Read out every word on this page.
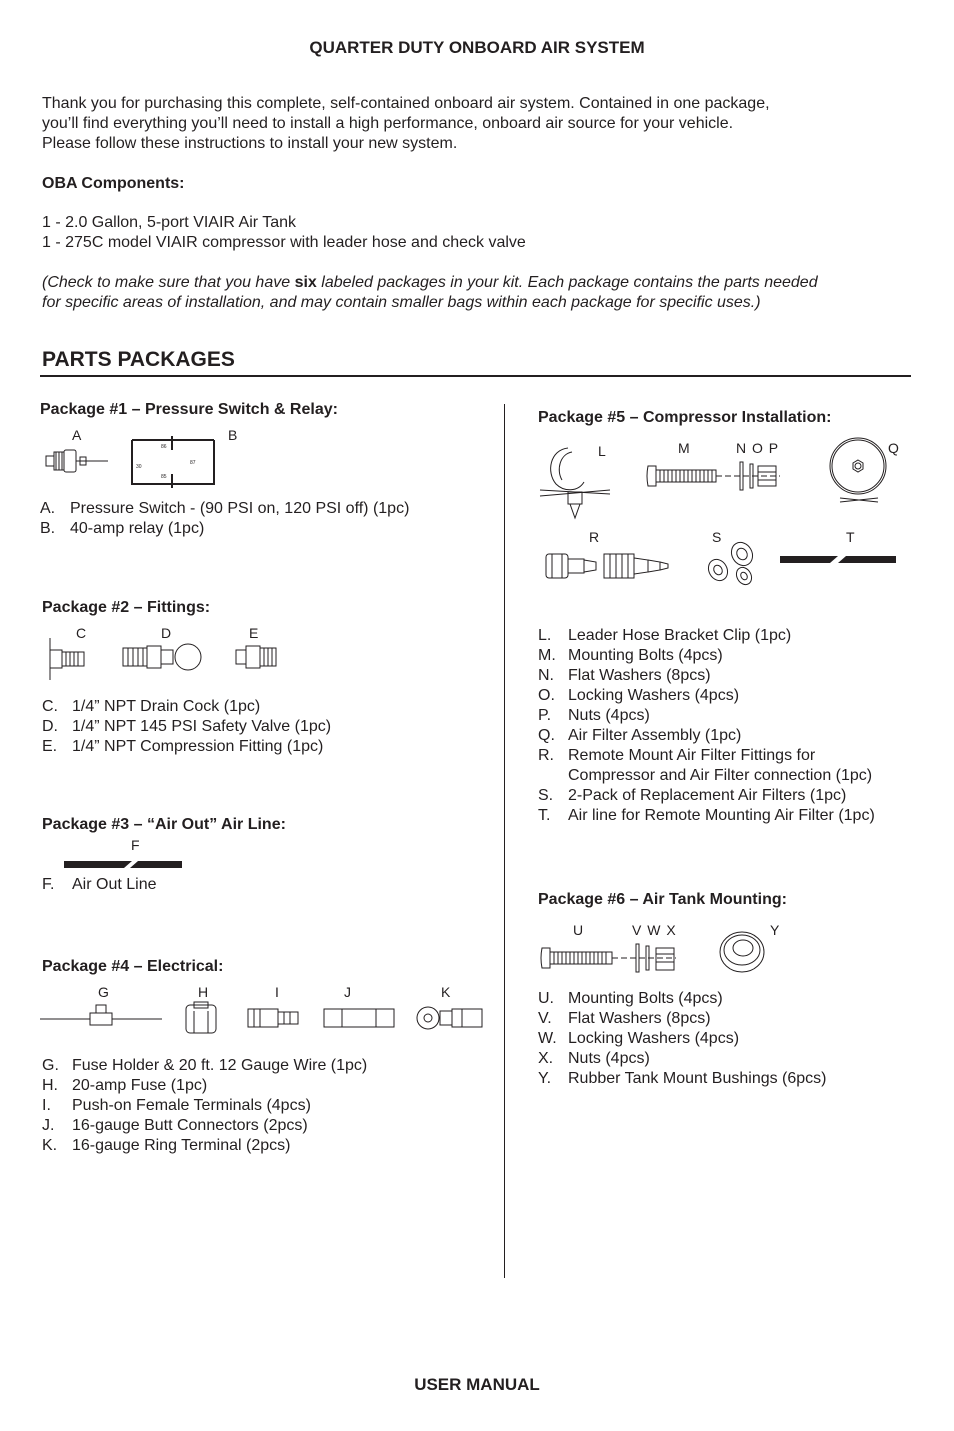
QUARTER DUTY ONBOARD AIR SYSTEM
Thank you for purchasing this complete, self-contained onboard air system. Contained in one package,
you’ll find everything you’ll need to install a high performance, onboard air source for your vehicle.
Please follow these instructions to install your new system.
OBA Components:
1 - 2.0 Gallon, 5-port VIAIR Air Tank
1 - 275C model VIAIR compressor with leader hose and check valve
(Check to make sure that you have six labeled packages in your kit. Each package contains the parts needed
for specific areas of installation, and may contain smaller bags within each package for specific uses.)
PARTS PACKAGES
Package #1 – Pressure Switch & Relay:
A	B
86
30
87
85
A. Pressure Switch - (90 PSI on, 120 PSI off) (1pc)
B. 40-amp relay (1pc)
Package #2 – Fittings:
C	D	E
C. 1/4” NPT Drain Cock (1pc)
D. 1/4” NPT 145 PSI Safety Valve (1pc)
E. 1/4” NPT Compression Fitting (1pc)
Package #3 – “Air Out” Air Line:
F
F.	Air Out Line
Package #4 – Electrical:
G	H	I	J	K
G. Fuse Holder & 20 ft. 12 Gauge Wire (1pc)
H. 20-amp Fuse (1pc)
I.	Push-on Female Terminals (4pcs)
J.	16-gauge Butt Connectors (2pcs)
K. 16-gauge Ring Terminal (2pcs)
Package #5 – Compressor Installation:
L	M	N O P	Q
R	S	T
L.	Leader Hose Bracket Clip (1pc)
M. Mounting Bolts (4pcs)
N. Flat Washers (8pcs)
O. Locking Washers (4pcs)
P.	Nuts (4pcs)
Q. Air Filter Assembly (1pc)
R. Remote Mount Air Filter Fittings for
Compressor and Air Filter connection (1pc)
S. 2-Pack of Replacement Air Filters (1pc)
T.	Air line for Remote Mounting Air Filter (1pc)
Package #6 – Air Tank Mounting:
U	V W X	Y
U. Mounting Bolts (4pcs)
V.	Flat Washers (8pcs)
W. Locking Washers (4pcs)
X. Nuts (4pcs)
Y.	Rubber Tank Mount Bushings (6pcs)
USER MANUAL
